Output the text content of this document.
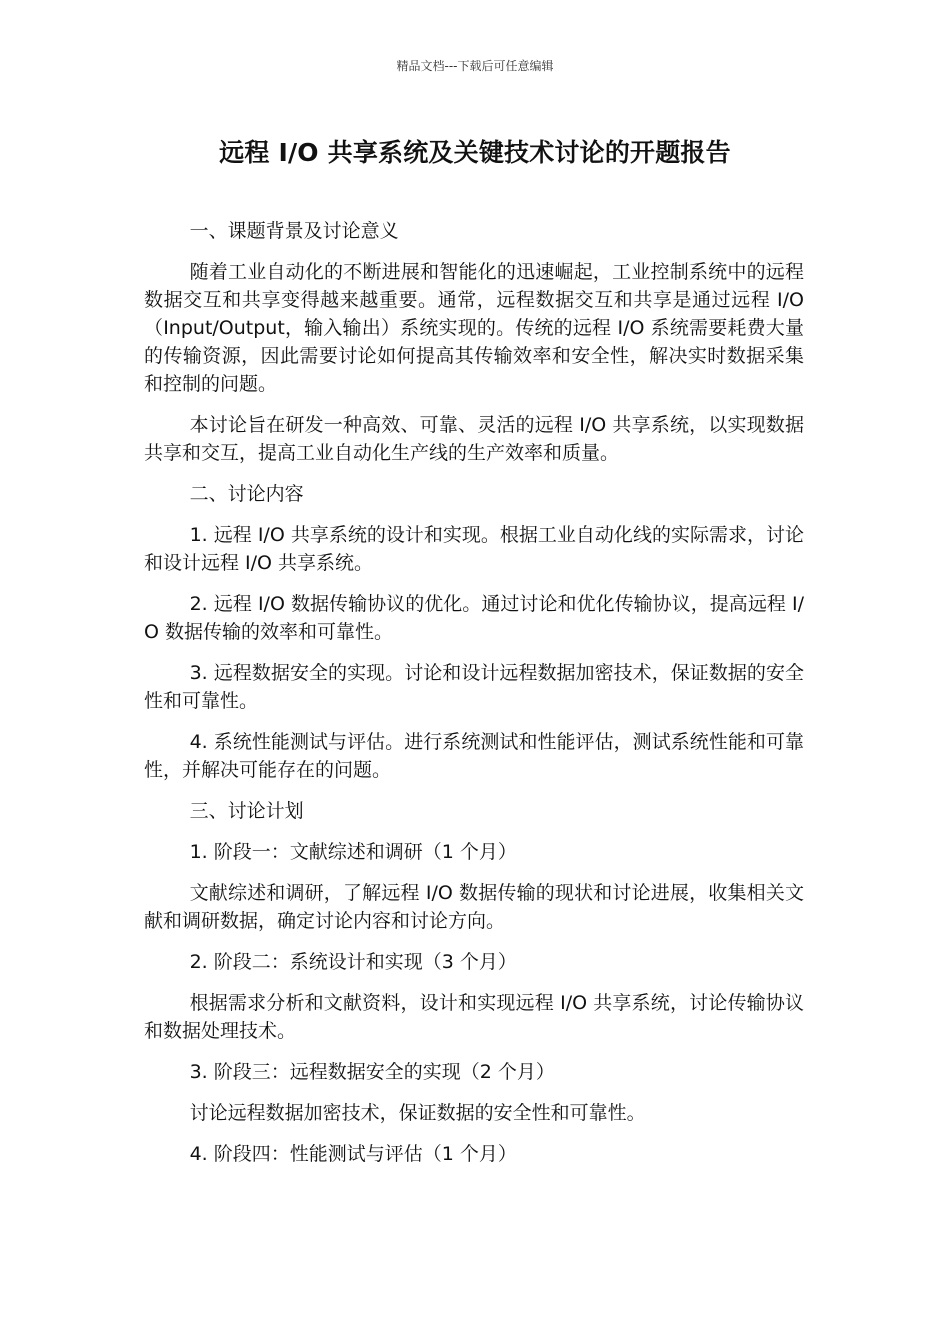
精品文档---下载后可任意编辑
远程 I/O 共享系统及关键技术讨论的开题报告
一、课题背景及讨论意义

随着工业自动化的不断进展和智能化的迅速崛起，工业控制系统中的远程数据交互和共享变得越来越重要。通常，远程数据交互和共享是通过远程 I/O（Input/Output，输入输出）系统实现的。传统的远程 I/O 系统需要耗费大量的传输资源，因此需要讨论如何提高其传输效率和安全性，解决实时数据采集和控制的问题。

本讨论旨在研发一种高效、可靠、灵活的远程 I/O 共享系统，以实现数据共享和交互，提高工业自动化生产线的生产效率和质量。

二、讨论内容

1. 远程 I/O 共享系统的设计和实现。根据工业自动化线的实际需求，讨论和设计远程 I/O 共享系统。

2. 远程 I/O 数据传输协议的优化。通过讨论和优化传输协议，提高远程 I/O 数据传输的效率和可靠性。

3. 远程数据安全的实现。讨论和设计远程数据加密技术，保证数据的安全性和可靠性。

4. 系统性能测试与评估。进行系统测试和性能评估，测试系统性能和可靠性，并解决可能存在的问题。

三、讨论计划

1. 阶段一：文献综述和调研（1 个月）

文献综述和调研，了解远程 I/O 数据传输的现状和讨论进展，收集相关文献和调研数据，确定讨论内容和讨论方向。

2. 阶段二：系统设计和实现（3 个月）

根据需求分析和文献资料，设计和实现远程 I/O 共享系统，讨论传输协议和数据处理技术。

3. 阶段三：远程数据安全的实现（2 个月）

讨论远程数据加密技术，保证数据的安全性和可靠性。

4. 阶段四：性能测试与评估（1 个月）
